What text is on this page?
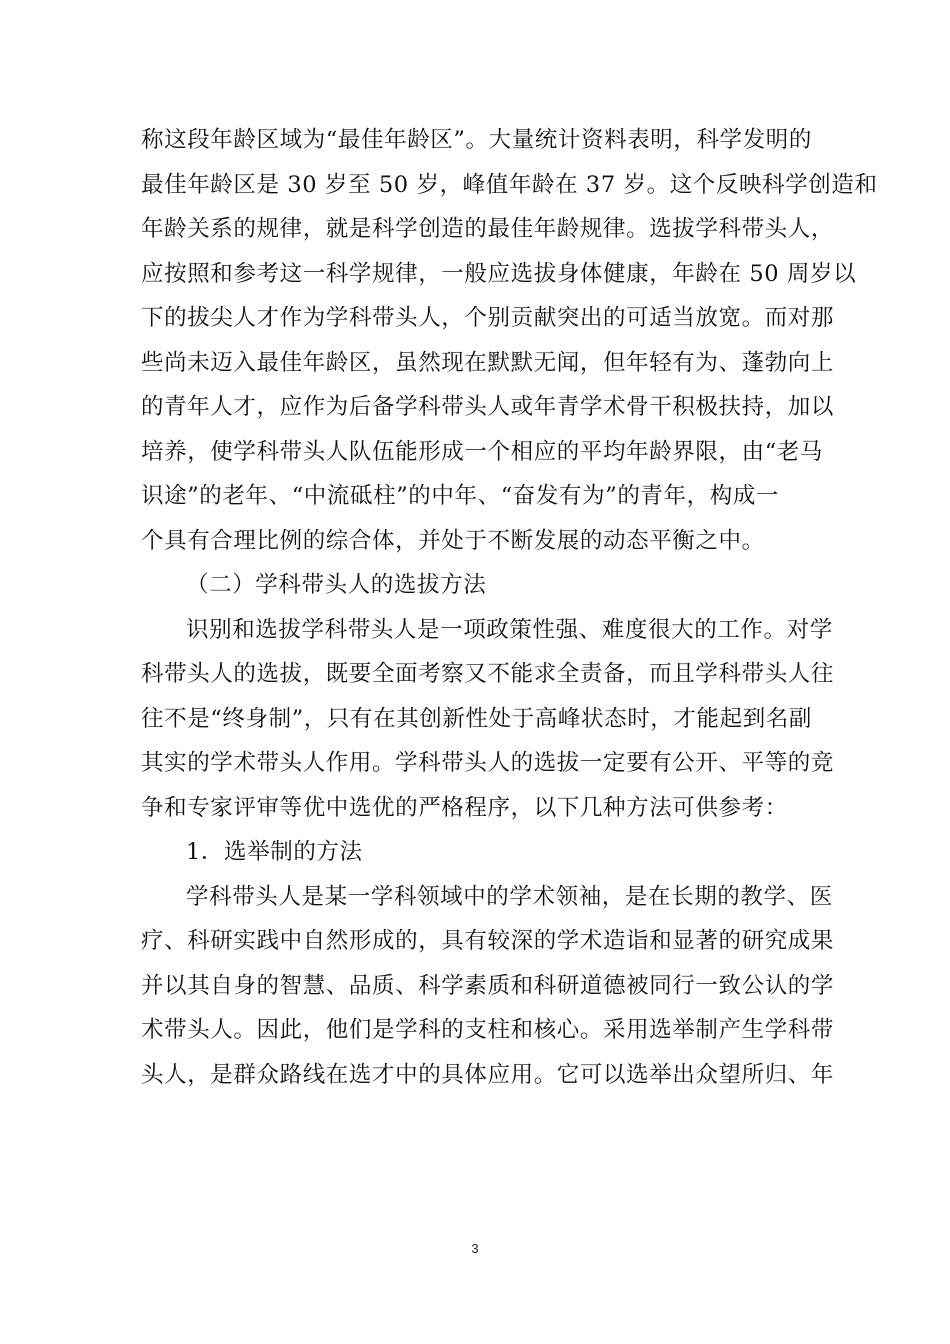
称这段年龄区域为“最佳年龄区”。大量统计资料表明，科学发明的
最佳年龄区是 30 岁至 50 岁，峰值年龄在 37 岁。这个反映科学创造和
年龄关系的规律，就是科学创造的最佳年龄规律。选拔学科带头人，
应按照和参考这一科学规律，一般应选拔身体健康，年龄在 50 周岁以
下的拔尖人才作为学科带头人，个别贡献突出的可适当放宽。而对那
些尚未迈入最佳年龄区，虽然现在默默无闻，但年轻有为、蓬勃向上
的青年人才，应作为后备学科带头人或年青学术骨干积极扶持，加以
培养，使学科带头人队伍能形成一个相应的平均年龄界限，由“老马
识途”的老年、“中流砥柱”的中年、“奋发有为”的青年，构成一
个具有合理比例的综合体，并处于不断发展的动态平衡之中。
（二）学科带头人的选拔方法
识别和选拔学科带头人是一项政策性强、难度很大的工作。对学
科带头人的选拔，既要全面考察又不能求全责备，而且学科带头人往
往不是“终身制”，只有在其创新性处于高峰状态时，才能起到名副
其实的学术带头人作用。学科带头人的选拔一定要有公开、平等的竞
争和专家评审等优中选优的严格程序，以下几种方法可供参考：
1．选举制的方法
学科带头人是某一学科领域中的学术领袖，是在长期的教学、医
疗、科研实践中自然形成的，具有较深的学术造诣和显著的研究成果
并以其自身的智慧、品质、科学素质和科研道德被同行一致公认的学
术带头人。因此，他们是学科的支柱和核心。采用选举制产生学科带
头人，是群众路线在选才中的具体应用。它可以选举出众望所归、年
3
